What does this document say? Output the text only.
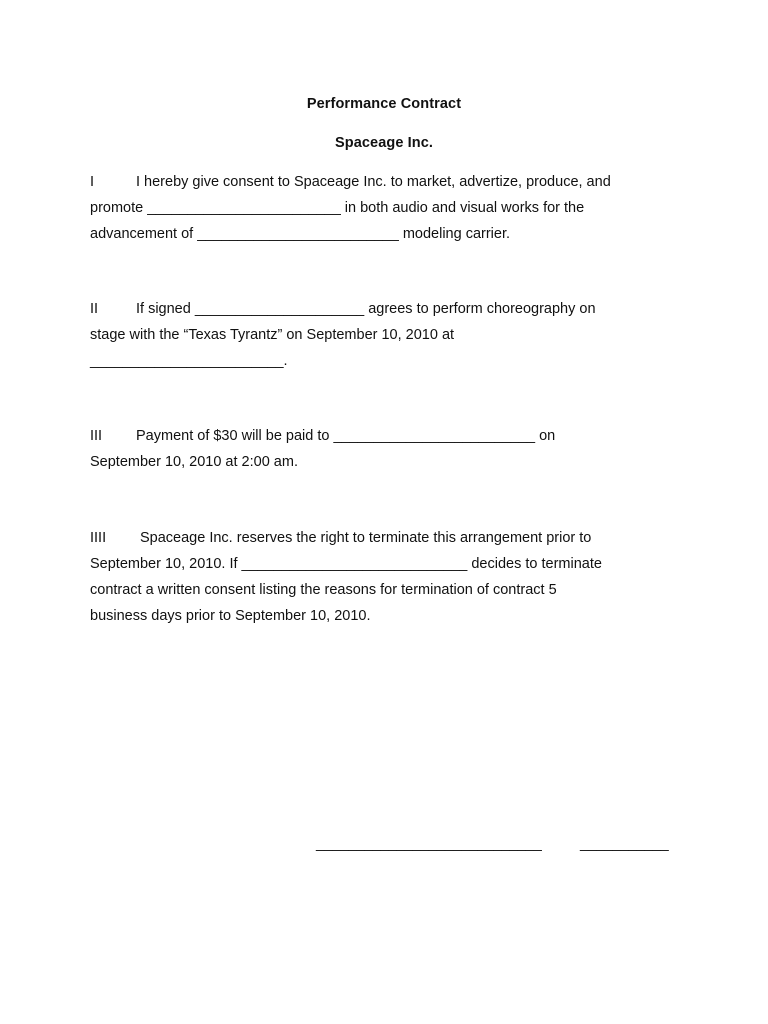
Performance Contract
Spaceage Inc.
I	I hereby give consent to Spaceage Inc. to market, advertize, produce, and
promote ________________________ in both audio and visual works for the
advancement of _________________________ modeling carrier.
II	If signed _____________________ agrees to perform choreography on
stage with the “Texas Tyrantz” on September 10, 2010 at
________________________.
III Payment of $30 will be paid to _________________________ on
September 10, 2010 at 2:00 am.
IIII Spaceage Inc. reserves the right to terminate this arrangement prior to
September 10, 2010. If ____________________________ decides to terminate
contract a written consent listing the reasons for termination of contract 5
business days prior to September 10, 2010.
____________________________	___________
